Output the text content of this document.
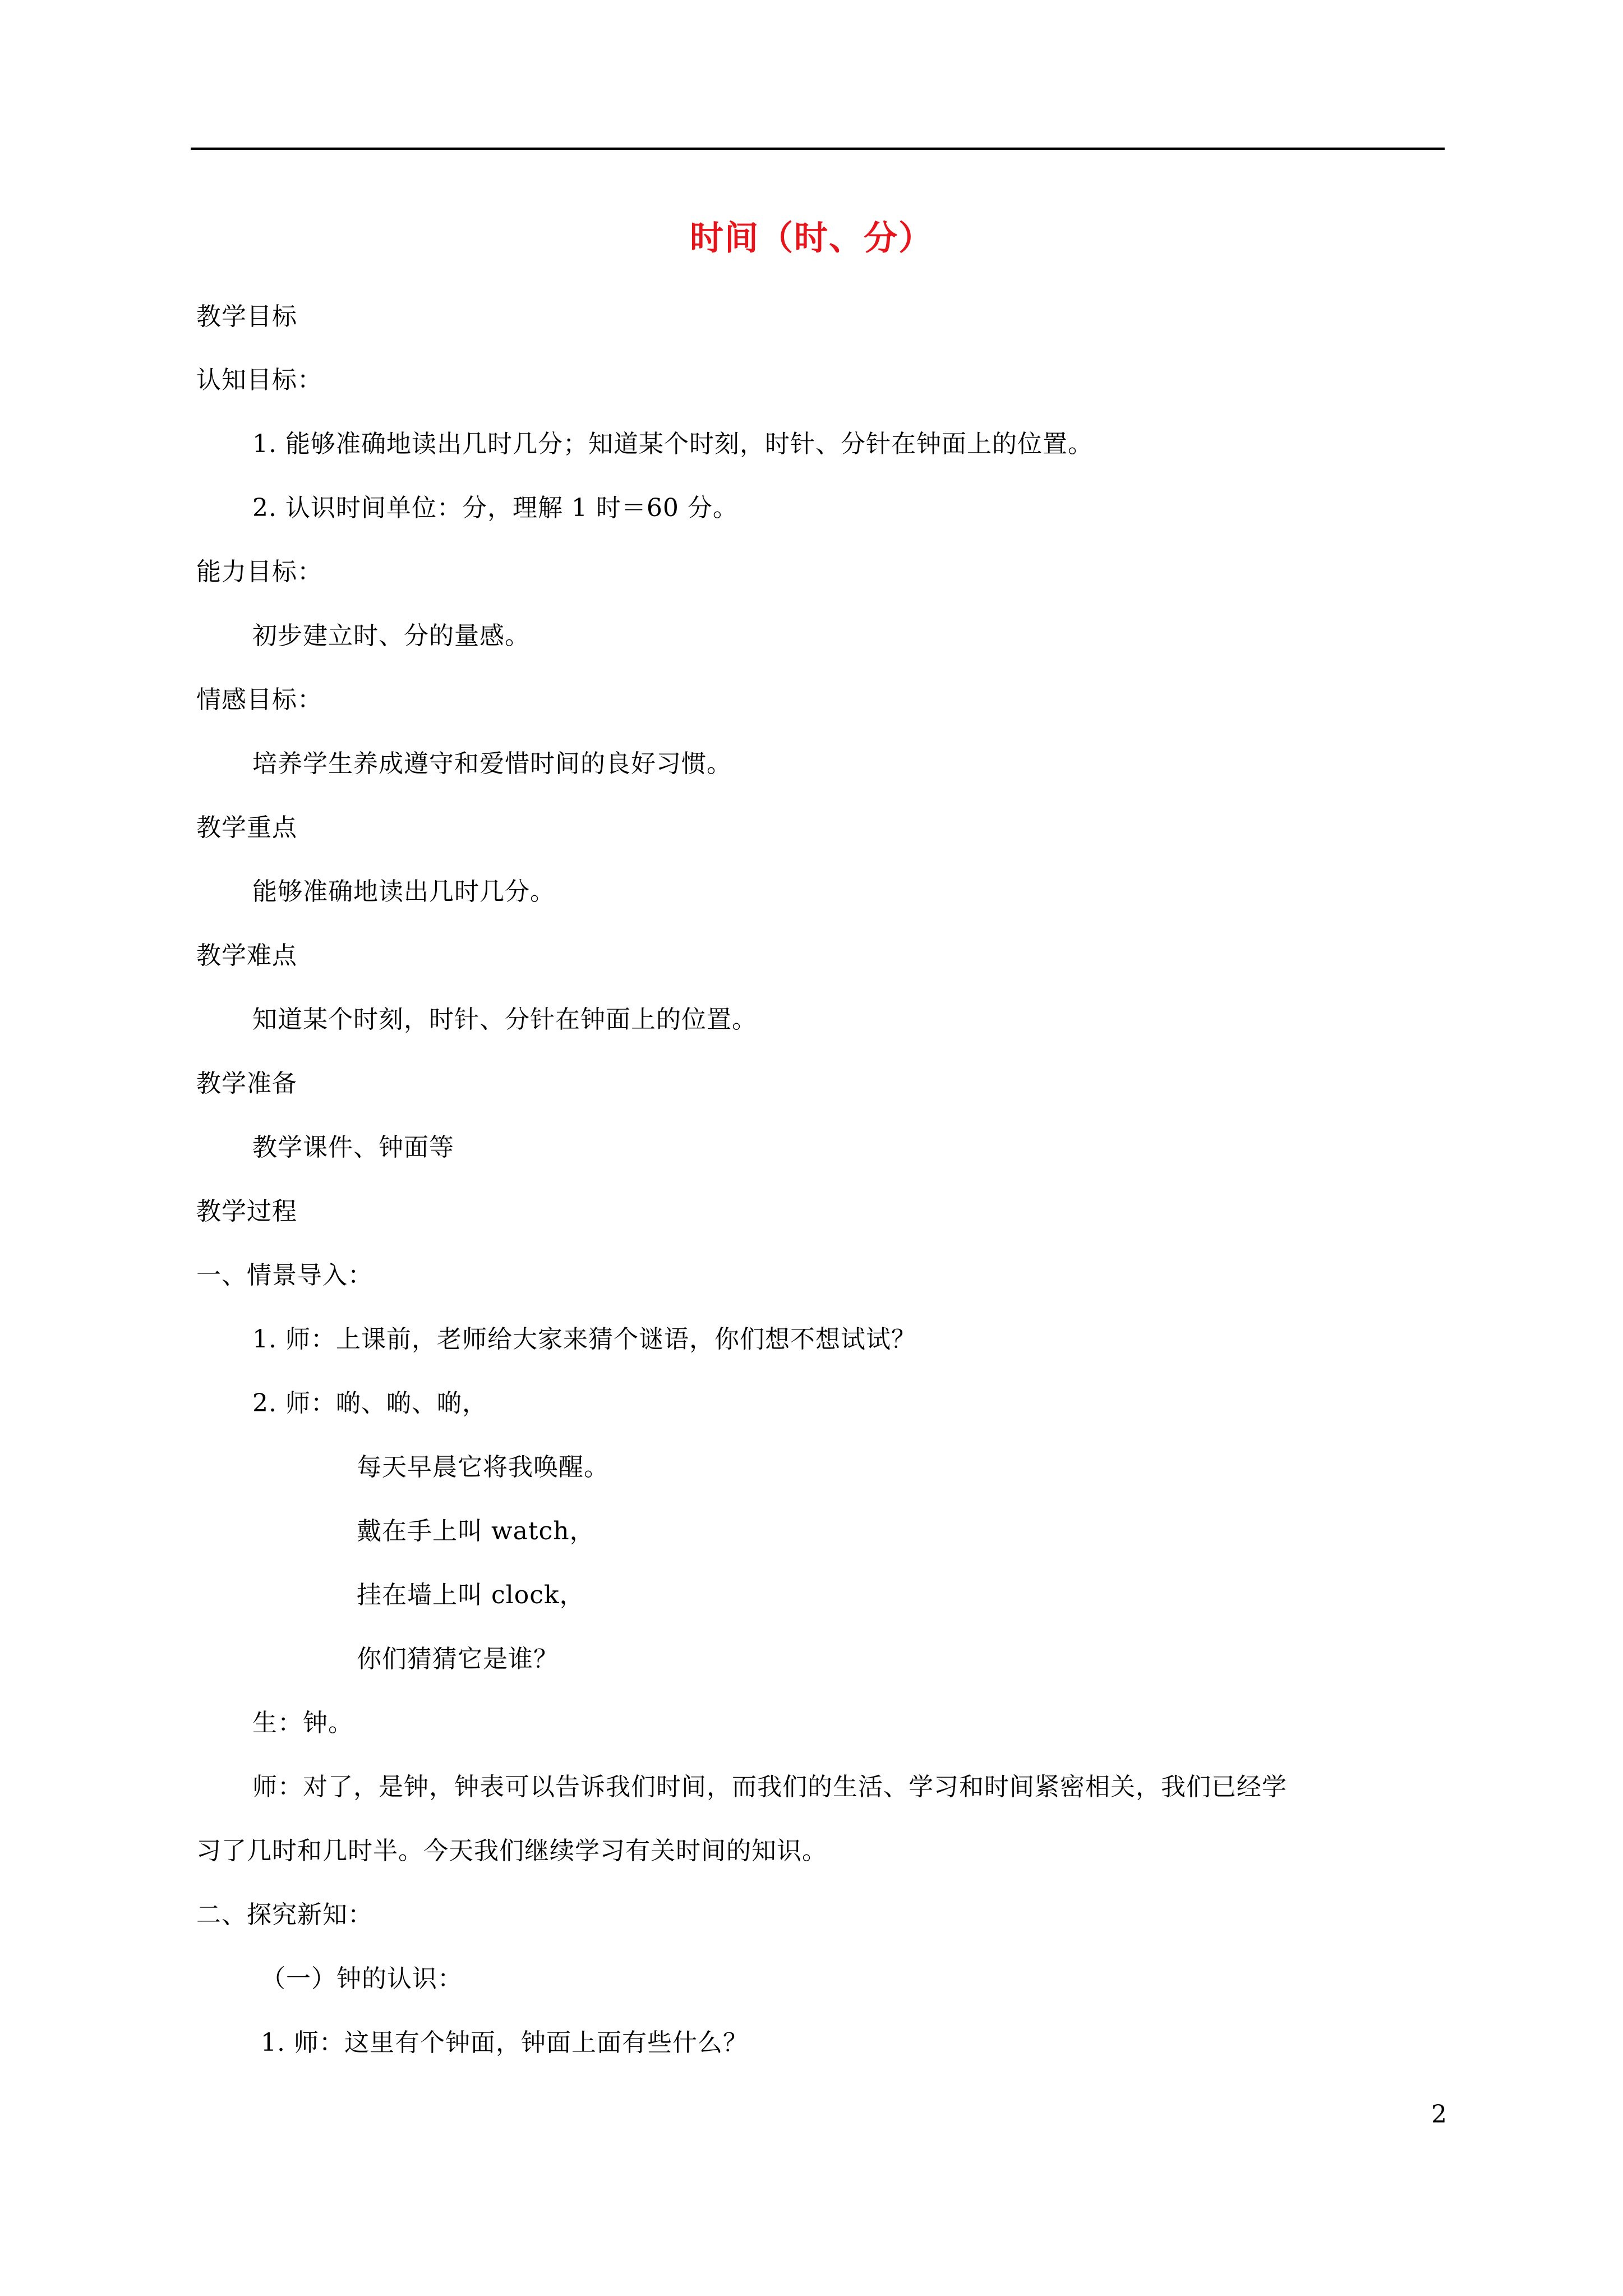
时间（时、分）
教学目标
认知目标：
1. 能够准确地读出几时几分；知道某个时刻，时针、分针在钟面上的位置。
2. 认识时间单位：分，理解 1 时＝60 分。
能力目标：
初步建立时、分的量感。
情感目标：
培养学生养成遵守和爱惜时间的良好习惯。
教学重点
能够准确地读出几时几分。
教学难点
知道某个时刻，时针、分针在钟面上的位置。
教学准备
教学课件、钟面等
教学过程
一、情景导入：
1. 师：上课前，老师给大家来猜个谜语，你们想不想试试？
2. 师：啲、啲、啲，
每天早晨它将我唤醒。
戴在手上叫 watch，
挂在墙上叫 clock，
你们猜猜它是谁？
生：钟。
师：对了，是钟，钟表可以告诉我们时间，而我们的生活、学习和时间紧密相关，我们已经学
习了几时和几时半。今天我们继续学习有关时间的知识。
二、探究新知：
（一）钟的认识：
1. 师：这里有个钟面，钟面上面有些什么？
2
